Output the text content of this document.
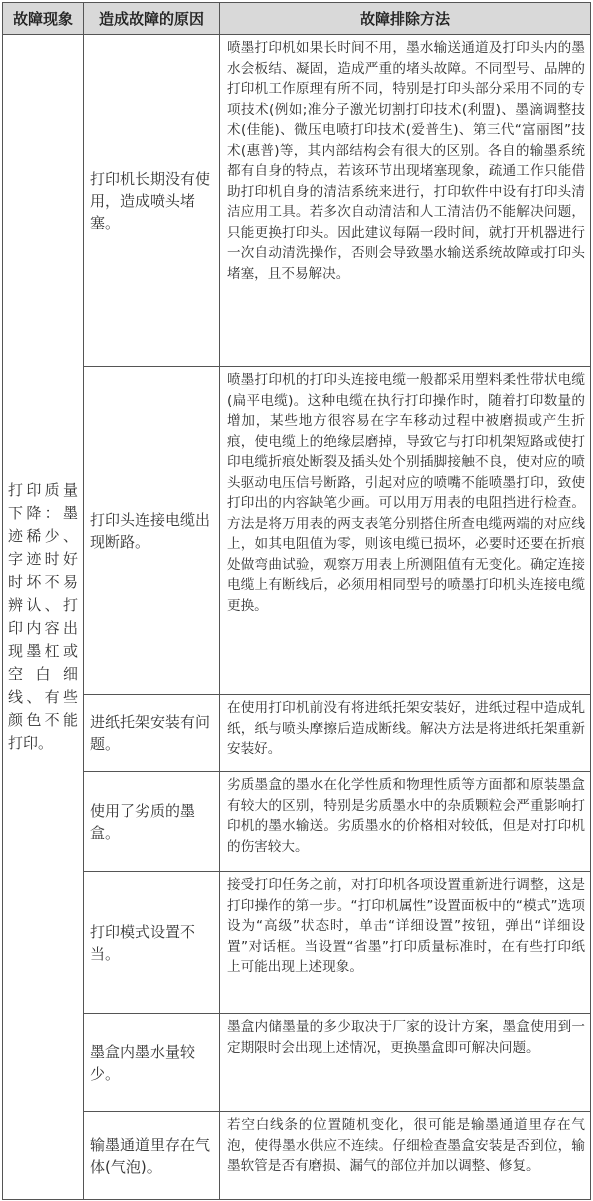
故障现象	造成故障的原因	故障排除方法
打印质量下降：墨迹稀少、字迹时好时坏不易辨认、打印内容出现墨杠或空白细线、有些颜色不能打印。	打印机长期没有使用，造成喷头堵塞。	喷墨打印机如果长时间不用，墨水输送通道及打印头内的墨水会板结、凝固，造成严重的堵头故障。不同型号、品牌的打印机工作原理有所不同，特别是打印头部分采用不同的专项技术(例如;准分子激光切割打印技术(利盟)、墨滴调整技术(佳能)、微压电喷打印技术(爱普生)、第三代“富丽图”技术(惠普)等，其内部结构会有很大的区别。各自的输墨系统都有自身的特点，若该环节出现堵塞现象，疏通工作只能借助打印机自身的清洁系统来进行，打印软件中设有打印头清洁应用工具。若多次自动清洁和人工清洁仍不能解决问题，只能更换打印头。因此建议每隔一段时间，就打开机器进行一次自动清洗操作，否则会导致墨水输送系统故障或打印头堵塞，且不易解决。
	打印头连接电缆出现断路。	喷墨打印机的打印头连接电缆一般都采用塑料柔性带状电缆(扁平电缆)。这种电缆在执行打印操作时，随着打印数量的增加，某些地方很容易在字车移动过程中被磨损或产生折痕，使电缆上的绝缘层磨掉，导致它与打印机架短路或使打印电缆折痕处断裂及插头处个别插脚接触不良，使对应的喷头驱动电压信号断路，引起对应的喷嘴不能喷墨打印，致使打印出的内容缺笔少画。可以用万用表的电阻挡进行检查。方法是将万用表的两支表笔分别搭住所查电缆两端的对应线上，如其电阻值为零，则该电缆已损坏，必要时还要在折痕处做弯曲试验，观察万用表上所测阻值有无变化。确定连接电缆上有断线后，必须用相同型号的喷墨打印机头连接电缆更换。
	进纸托架安装有问题。	在使用打印机前没有将进纸托架安装好，进纸过程中造成轧纸，纸与喷头摩擦后造成断线。解决方法是将进纸托架重新安装好。
	使用了劣质的墨盒。	劣质墨盒的墨水在化学性质和物理性质等方面都和原装墨盒有较大的区别，特别是劣质墨水中的杂质颗粒会严重影响打印机的墨水输送。劣质墨水的价格相对较低，但是对打印机的伤害较大。
	打印模式设置不当。	接受打印任务之前，对打印机各项设置重新进行调整，这是打印操作的第一步。“打印机属性”设置面板中的“模式”选项设为“高级”状态时，单击“详细设置”按钮，弹出“详细设置”对话框。当设置“省墨”打印质量标准时，在有些打印纸上可能出现上述现象。
	墨盒内墨水量较少。	墨盒内储墨量的多少取决于厂家的设计方案，墨盒使用到一定期限时会出现上述情况，更换墨盒即可解决问题。
	输墨通道里存在气体(气泡)。	若空白线条的位置随机变化，很可能是输墨通道里存在气泡，使得墨水供应不连续。仔细检查墨盒安装是否到位，输墨软管是否有磨损、漏气的部位并加以调整、修复。
